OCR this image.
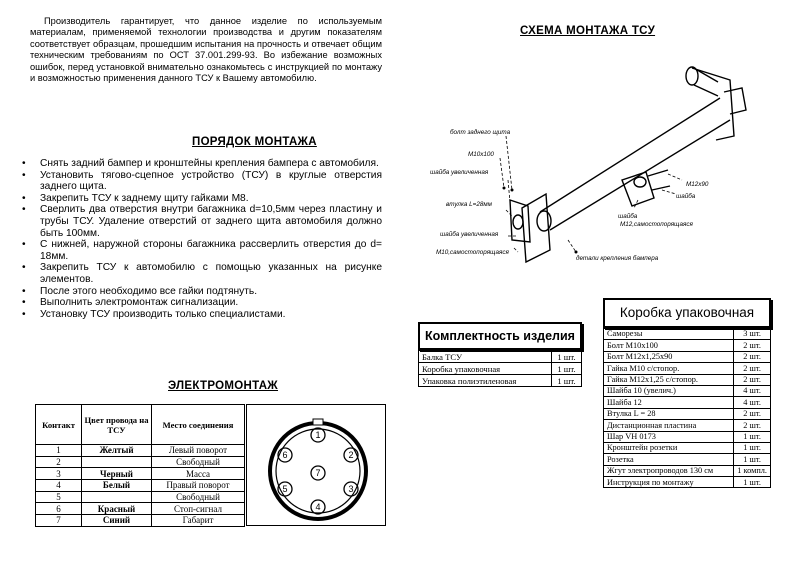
Производитель гарантирует, что данное изделие по используемым материалам, применяемой технологии производства и другим показателям соответствует образцам, прошедшим испытания на прочность и отвечает общим техническим требованиям по ОСТ 37.001.299-93. Во избежание возможных ошибок, перед установкой внимательно ознакомьтесь с инструкцией по монтажу и возможностью применения данного ТСУ к Вашему автомобилю.

ПОРЯДОК МОНТАЖА
• Снять задний бампер и кронштейны крепления бампера с автомобиля.
• Установить тягово-сцепное устройство (ТСУ) в круглые отверстия заднего щита.
• Закрепить ТСУ к заднему щиту гайками М8.
• Сверлить два отверстия внутри багажника d=10,5мм через пластину и трубы ТСУ. Удаление отверстий от заднего щита автомобиля должно быть 100мм.
• С нижней, наружной стороны багажника рассверлить отверстия до d= 18мм.
• Закрепить ТСУ к автомобилю с помощью указанных на рисунке элементов.
• После этого необходимо все гайки подтянуть.
• Выполнить электромонтаж сигнализации.
• Установку ТСУ производить только специалистами.
ЭЛЕКТРОМОНТАЖ
Контакт	Цвет провода на ТСУ	Место соединения
1	Желтый	Левый поворот
2		Свободный
3	Черный	Масса
4	Белый	Правый поворот
5		Свободный
6	Красный	Стоп-сигнал
7	Синий	Габарит
1
2
3
4
5
6
7
СХЕМА МОНТАЖА ТСУ
болт заднего щита
М10х100
шайба увеличенная
втулка L=28мм
шайба увеличенная
М10,самостопорящаяся
детали крепления бампера
М12х90
шайба
шайба
М12,самостопорящаяся
Комплектность изделия
Балка ТСУ	1 шт.
Коробка упаковочная	1 шт.
Упаковка полиэтиленовая	1 шт.
Коробка упаковочная
Саморезы	3 шт.
Болт М10х100	2 шт.
Болт М12х1,25х90	2 шт.
Гайка М10 с/стопор.	2 шт.
Гайка М12х1,25 с/стопор.	2 шт.
Шайба 10 (увелич.)	4 шт.
Шайба 12	4 шт.
Втулка L = 28	2 шт.
Дистанционная пластина	2 шт.
Шар VH 0173	1 шт.
Кронштейн розетки	1 шт.
Розетка	1 шт.
Жгут электропроводов 130 см	1 компл.
Инструкция по монтажу	1 шт.
